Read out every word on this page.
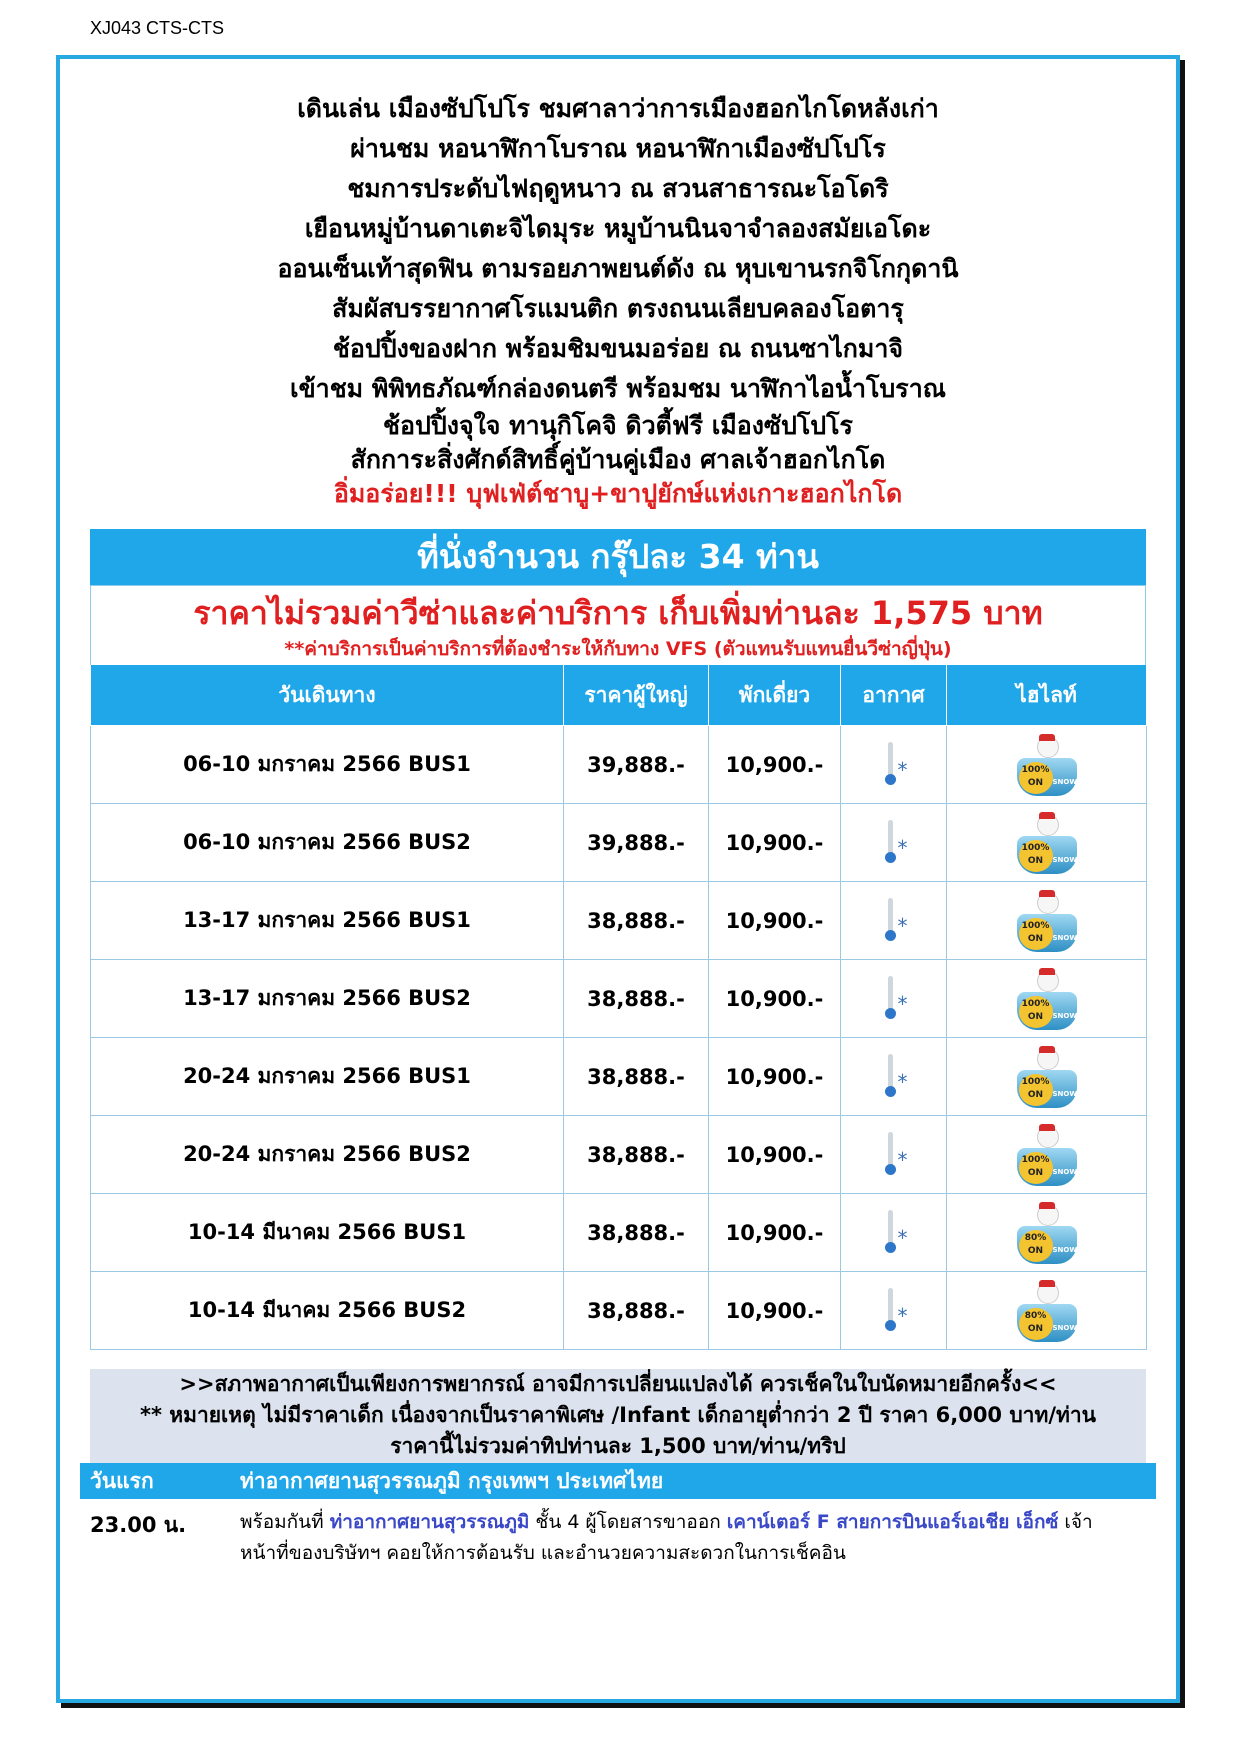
XJ043 CTS-CTS
เดินเล่น เมืองซัปโปโร ชมศาลาว่าการเมืองฮอกไกโดหลังเก่า
ผ่านชม หอนาฬิกาโบราณ หอนาฬิกาเมืองซัปโปโร
ชมการประดับไฟฤดูหนาว ณ สวนสาธารณะโอโดริ
เยือนหมู่บ้านดาเตะจิไดมุระ หมูบ้านนินจาจำลองสมัยเอโดะ
ออนเซ็นเท้าสุดฟิน ตามรอยภาพยนต์ดัง ณ หุบเขานรกจิโกกุดานิ
สัมผัสบรรยากาศโรแมนติก ตรงถนนเลียบคลองโอตารุ
ช้อปปิ้งของฝาก พร้อมชิมขนมอร่อย ณ ถนนซาไกมาจิ
เข้าชม พิพิทธภัณฑ์กล่องดนตรี พร้อมชม นาฬิกาไอน้ำโบราณ
ช้อปปิ้งจุใจ ทานุกิโคจิ ดิวตี้ฟรี เมืองซัปโปโร
สักการะสิ่งศักด์สิทธิ์คู่บ้านคู่เมือง ศาลเจ้าฮอกไกโด
อิ่มอร่อย!!! บุฟเฟ่ต์ชาบู+ขาปูยักษ์แห่งเกาะฮอกไกโด
ที่นั่งจำนวน กรุ๊ปละ 34 ท่าน
ราคาไม่รวมค่าวีซ่าและค่าบริการ เก็บเพิ่มท่านละ 1,575 บาท
**ค่าบริการเป็นค่าบริการที่ต้องชำระให้กับทาง VFS (ตัวแทนรับแทนยื่นวีซ่าญี่ปุ่น)
วันเดินทาง	ราคาผู้ใหญ่	พักเดี่ยว	อากาศ	ไฮไลท์
06-10 มกราคม 2566 BUS1	39,888.-	10,900.-	*	100%
ON SNOW

06-10 มกราคม 2566 BUS2	39,888.-	10,900.-	*	100%
ON SNOW

13-17 มกราคม 2566 BUS1	38,888.-	10,900.-	*	100%
ON SNOW

13-17 มกราคม 2566 BUS2	38,888.-	10,900.-	*	100%
ON SNOW

20-24 มกราคม 2566 BUS1	38,888.-	10,900.-	*	100%
ON SNOW

20-24 มกราคม 2566 BUS2	38,888.-	10,900.-	*	100%
ON SNOW

10-14 มีนาคม 2566 BUS1	38,888.-	10,900.-	*	80%
ON SNOW

10-14 มีนาคม 2566 BUS2	38,888.-	10,900.-	*	80%
ON SNOW
>>สภาพอากาศเป็นเพียงการพยากรณ์ อาจมีการเปลี่ยนแปลงได้ ควรเช็คในใบนัดหมายอีกครั้ง<<
** หมายเหตุ ไม่มีราคาเด็ก เนื่องจากเป็นราคาพิเศษ /Infant เด็กอายุต่ำกว่า 2 ปี ราคา 6,000 บาท/ท่าน
ราคานี้ไม่รวมค่าทิปท่านละ 1,500 บาท/ท่าน/ทริป
วันแรก	ท่าอากาศยานสุวรรณภูมิ กรุงเทพฯ ประเทศไทย
23.00 น.	พร้อมกันที่ ท่าอากาศยานสุวรรณภูมิ ชั้น 4 ผู้โดยสารขาออก เคาน์เตอร์ F สายการบินแอร์เอเชีย เอ็กซ์ เจ้าหน้าที่ของบริษัทฯ คอยให้การต้อนรับ และอำนวยความสะดวกในการเช็คอิน
